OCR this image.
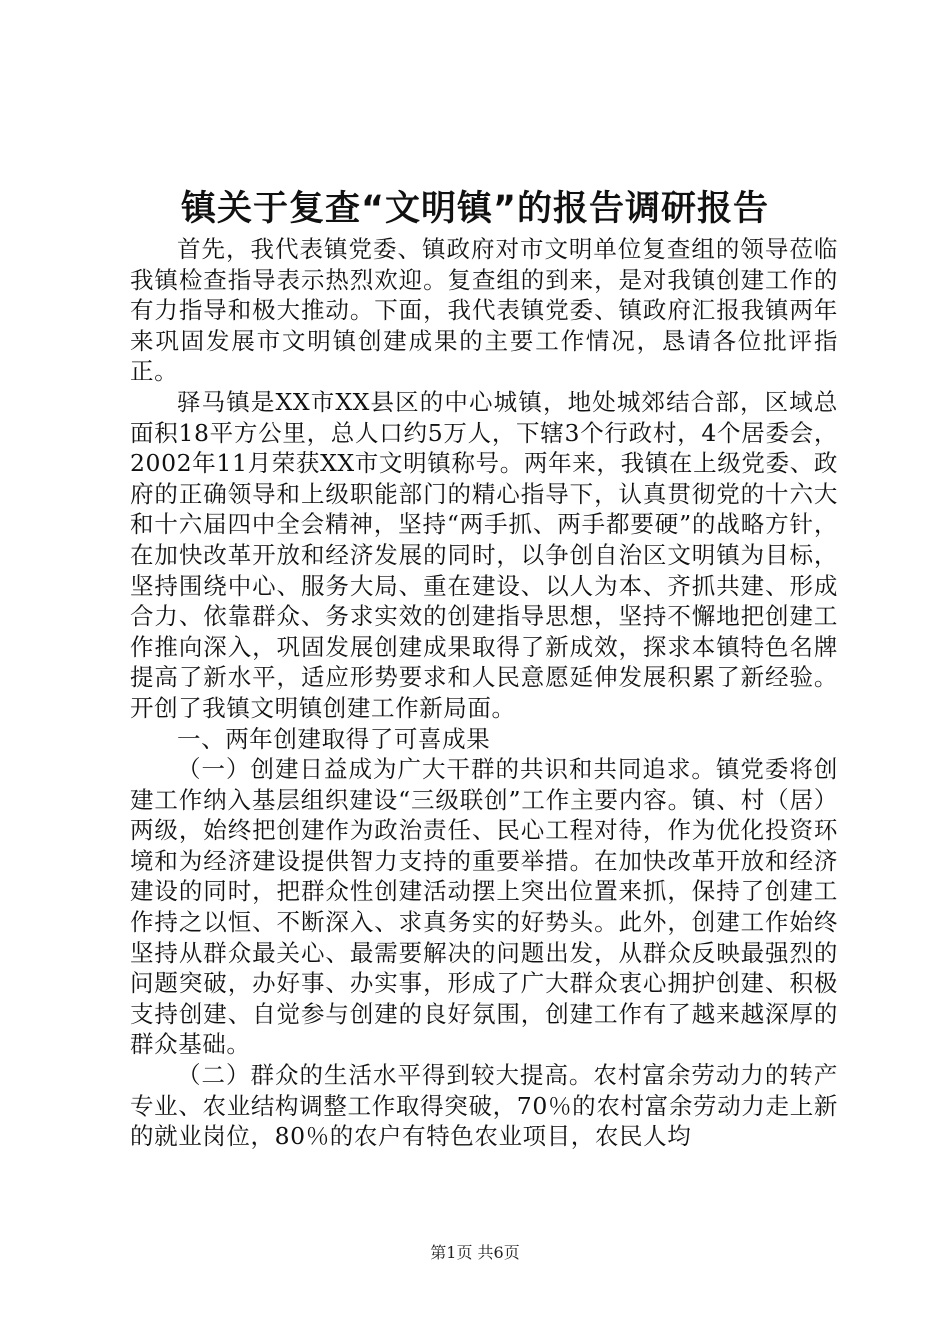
镇关于复查“文明镇”的报告调研报告

首先，我代表镇党委、镇政府对市文明单位复查组的领导莅临我镇检查指导表示热烈欢迎。复查组的到来，是对我镇创建工作的有力指导和极大推动。下面，我代表镇党委、镇政府汇报我镇两年来巩固发展市文明镇创建成果的主要工作情况，恳请各位批评指正。

驿马镇是XX市XX县区的中心城镇，地处城郊结合部，区域总面积18平方公里，总人口约5万人，下辖3个行政村，4个居委会，2002年11月荣获XX市文明镇称号。两年来，我镇在上级党委、政府的正确领导和上级职能部门的精心指导下，认真贯彻党的十六大和十六届四中全会精神，坚持“两手抓、两手都要硬”的战略方针，在加快改革开放和经济发展的同时，以争创自治区文明镇为目标，坚持围绕中心、服务大局、重在建设、以人为本、齐抓共建、形成合力、依靠群众、务求实效的创建指导思想，坚持不懈地把创建工作推向深入，巩固发展创建成果取得了新成效，探求本镇特色名牌提高了新水平，适应形势要求和人民意愿延伸发展积累了新经验。开创了我镇文明镇创建工作新局面。

一、两年创建取得了可喜成果

（一）创建日益成为广大干群的共识和共同追求。镇党委将创建工作纳入基层组织建设“三级联创”工作主要内容。镇、村（居）两级，始终把创建作为政治责任、民心工程对待，作为优化投资环境和为经济建设提供智力支持的重要举措。在加快改革开放和经济建设的同时，把群众性创建活动摆上突出位置来抓，保持了创建工作持之以恒、不断深入、求真务实的好势头。此外，创建工作始终坚持从群众最关心、最需要解决的问题出发，从群众反映最强烈的问题突破，办好事、办实事，形成了广大群众衷心拥护创建、积极支持创建、自觉参与创建的良好氛围，创建工作有了越来越深厚的群众基础。

（二）群众的生活水平得到较大提高。农村富余劳动力的转产专业、农业结构调整工作取得突破，70％的农村富余劳动力走上新的就业岗位，80％的农户有特色农业项目，农民人均

第1页 共6页
